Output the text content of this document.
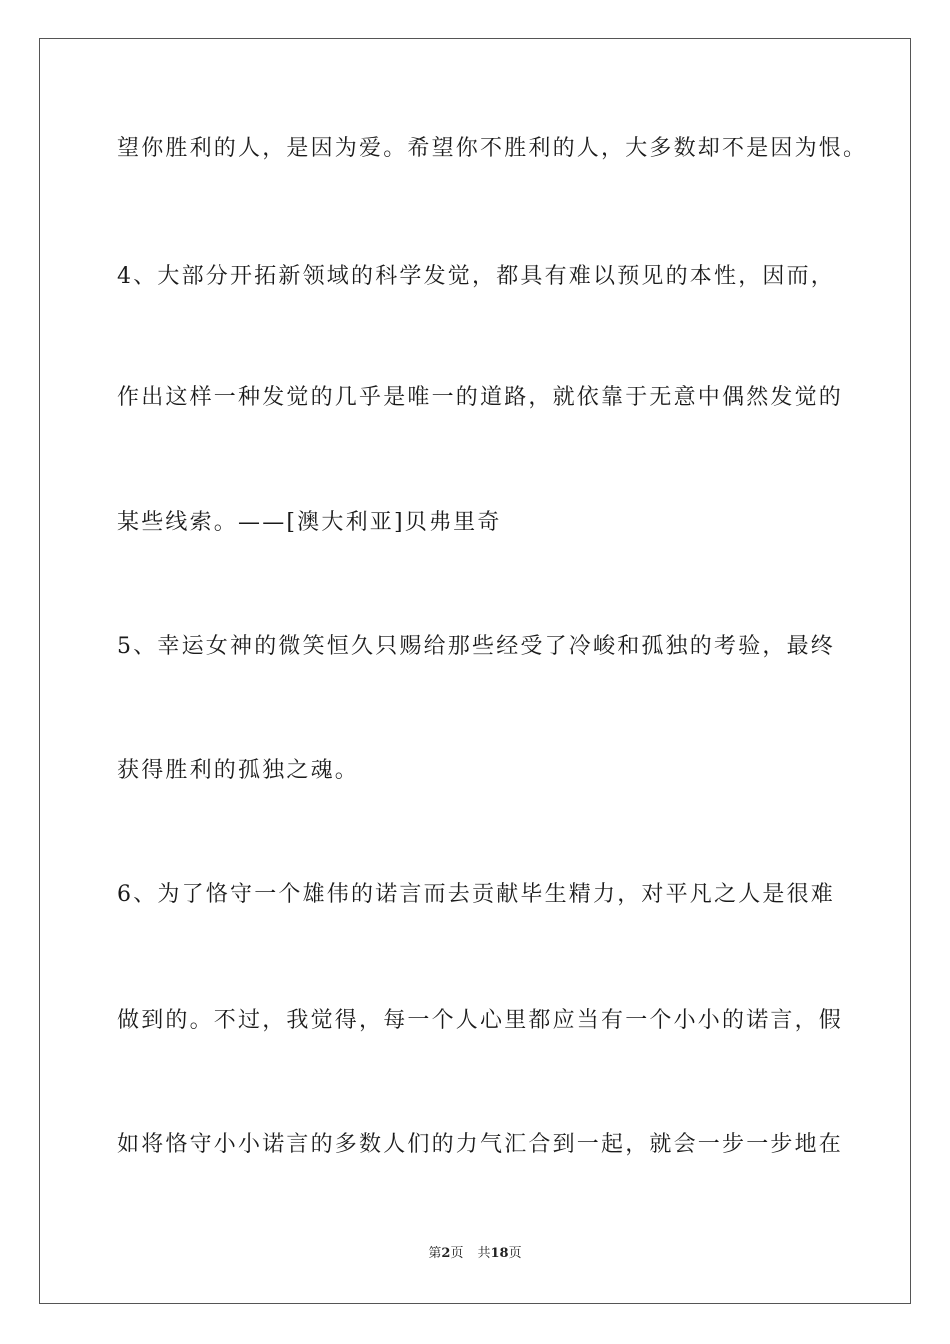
望你胜利的人，是因为爱。希望你不胜利的人，大多数却不是因为恨。
4、大部分开拓新领域的科学发觉，都具有难以预见的本性，因而，
作出这样一种发觉的几乎是唯一的道路，就依靠于无意中偶然发觉的
某些线索。——[澳大利亚]贝弗里奇
5、幸运女神的微笑恒久只赐给那些经受了冷峻和孤独的考验，最终
获得胜利的孤独之魂。
6、为了恪守一个雄伟的诺言而去贡献毕生精力，对平凡之人是很难
做到的。不过，我觉得，每一个人心里都应当有一个小小的诺言，假
如将恪守小小诺言的多数人们的力气汇合到一起，就会一步一步地在
第2页 共18页
